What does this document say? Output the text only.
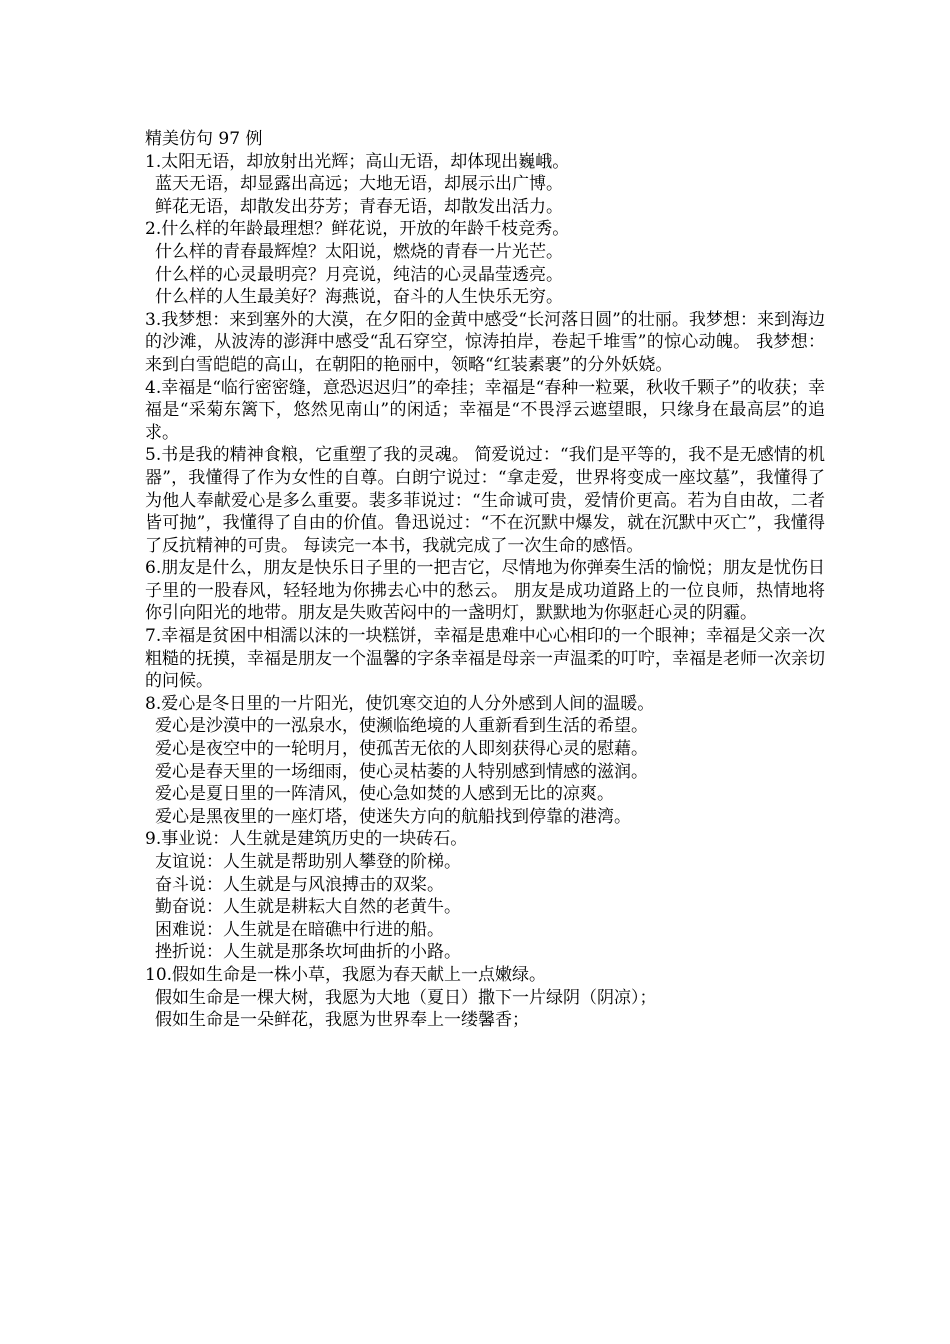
精美仿句 97 例
1.太阳无语，却放射出光辉；高山无语，却体现出巍峨。
蓝天无语，却显露出高远；大地无语，却展示出广博。
鲜花无语，却散发出芬芳；青春无语，却散发出活力。
2.什么样的年龄最理想？鲜花说，开放的年龄千枝竞秀。
什么样的青春最辉煌？太阳说，燃烧的青春一片光芒。
什么样的心灵最明亮？月亮说，纯洁的心灵晶莹透亮。
什么样的人生最美好？海燕说，奋斗的人生快乐无穷。
3.我梦想：来到塞外的大漠，在夕阳的金黄中感受“长河落日圆”的壮丽。我梦想：来到海边的沙滩，从波涛的澎湃中感受“乱石穿空，惊涛拍岸，卷起千堆雪”的惊心动魄。 我梦想：来到白雪皑皑的高山，在朝阳的艳丽中，领略“红装素裹”的分外妖娆。
4.幸福是“临行密密缝，意恐迟迟归”的牵挂；幸福是“春种一粒粟，秋收千颗子”的收获；幸福是“采菊东篱下，悠然见南山”的闲适；幸福是“不畏浮云遮望眼，只缘身在最高层”的追求。
5.书是我的精神食粮，它重塑了我的灵魂。 简爱说过：“我们是平等的，我不是无感情的机器”，我懂得了作为女性的自尊。白朗宁说过：“拿走爱，世界将变成一座坟墓”，我懂得了为他人奉献爱心是多么重要。裴多菲说过：“生命诚可贵，爱情价更高。若为自由故，二者皆可抛”，我懂得了自由的价值。鲁迅说过：“不在沉默中爆发，就在沉默中灭亡”，我懂得了反抗精神的可贵。 每读完一本书，我就完成了一次生命的感悟。
6.朋友是什么，朋友是快乐日子里的一把吉它，尽情地为你弹奏生活的愉悦；朋友是忧伤日子里的一股春风，轻轻地为你拂去心中的愁云。 朋友是成功道路上的一位良师，热情地将你引向阳光的地带。朋友是失败苦闷中的一盏明灯，默默地为你驱赶心灵的阴霾。
7.幸福是贫困中相濡以沫的一块糕饼，幸福是患难中心心相印的一个眼神；幸福是父亲一次粗糙的抚摸，幸福是朋友一个温馨的字条幸福是母亲一声温柔的叮咛，幸福是老师一次亲切的问候。
8.爱心是冬日里的一片阳光，使饥寒交迫的人分外感到人间的温暖。
爱心是沙漠中的一泓泉水，使濒临绝境的人重新看到生活的希望。
爱心是夜空中的一轮明月，使孤苦无依的人即刻获得心灵的慰藉。
爱心是春天里的一场细雨，使心灵枯萎的人特别感到情感的滋润。
爱心是夏日里的一阵清风，使心急如焚的人感到无比的凉爽。
爱心是黑夜里的一座灯塔，使迷失方向的航船找到停靠的港湾。
9.事业说：人生就是建筑历史的一块砖石。
友谊说：人生就是帮助别人攀登的阶梯。
奋斗说：人生就是与风浪搏击的双桨。
勤奋说：人生就是耕耘大自然的老黄牛。
困难说：人生就是在暗礁中行进的船。
挫折说：人生就是那条坎坷曲折的小路。
10.假如生命是一株小草，我愿为春天献上一点嫩绿。
假如生命是一棵大树，我愿为大地（夏日）撒下一片绿阴（阴凉）；
假如生命是一朵鲜花，我愿为世界奉上一缕馨香；
